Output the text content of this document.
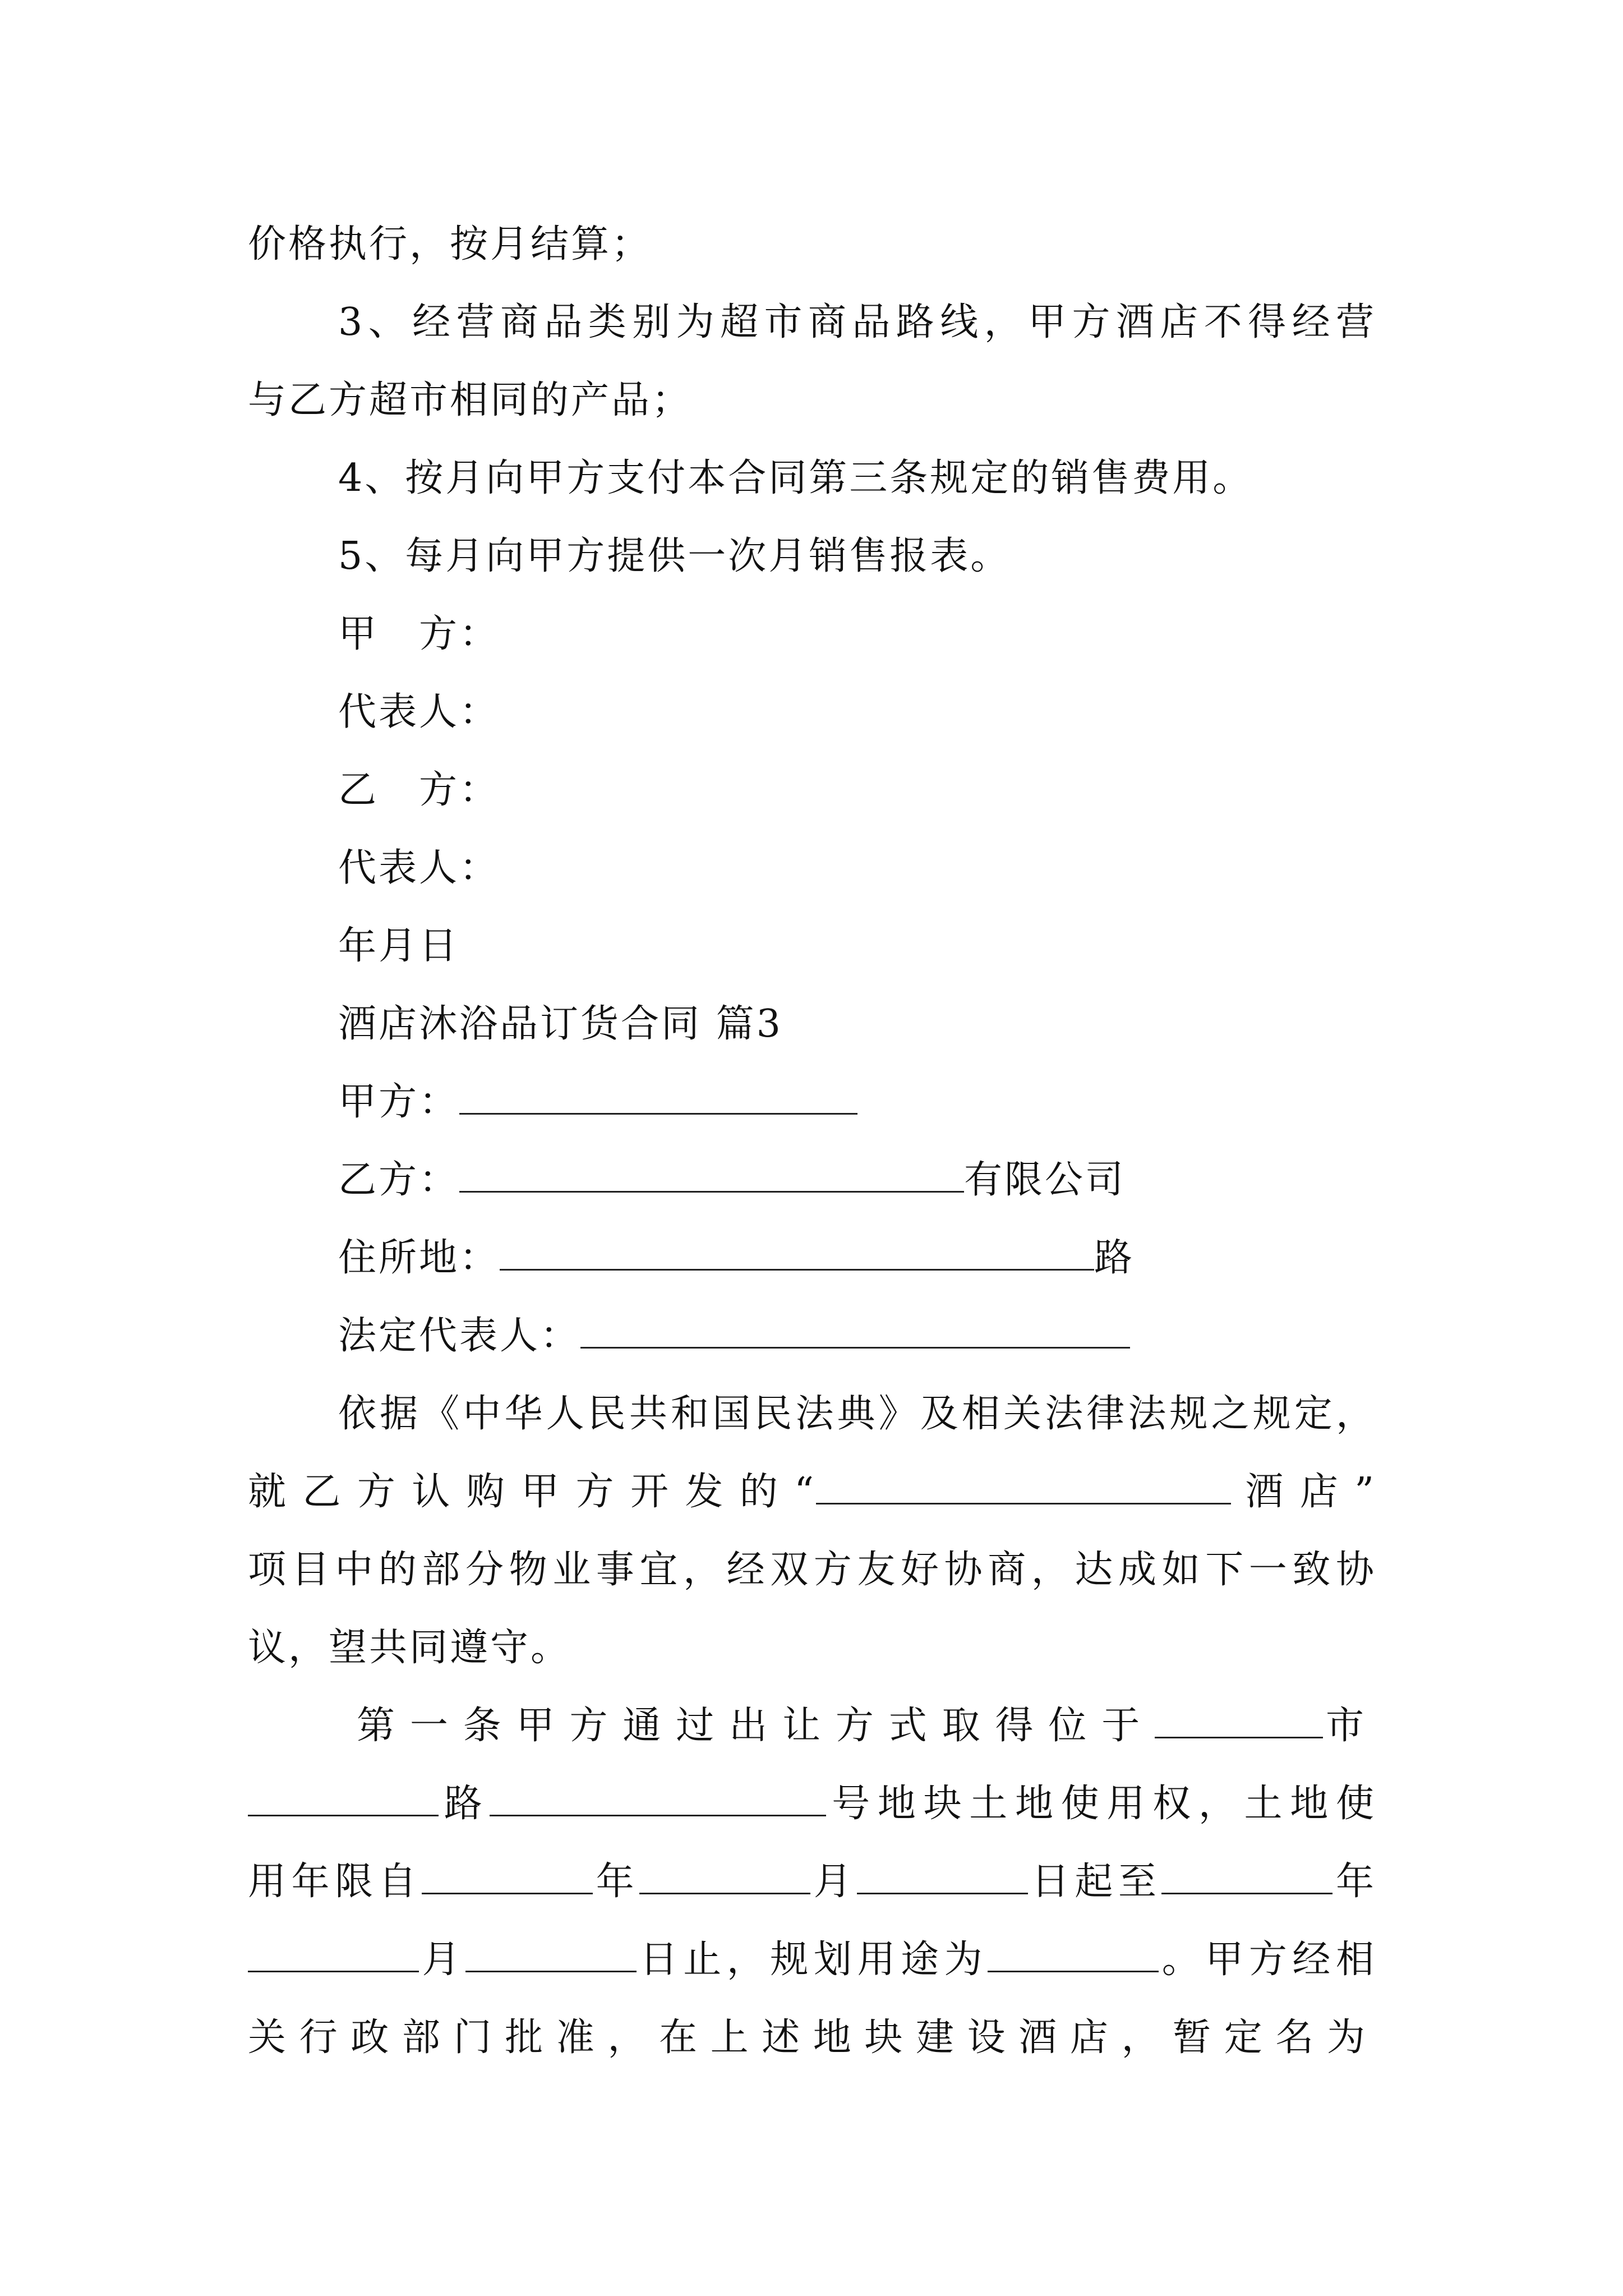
价格执行，按月结算；
3、经营商品类别为超市商品路线，甲方酒店不得经营
与乙方超市相同的产品；
4、按月向甲方支付本合同第三条规定的销售费用。
5、每月向甲方提供一次月销售报表。
甲　方：
代表人：
乙　方：
代表人：
年月日
酒店沐浴品订货合同 篇3
甲方：
乙方：	有限公司
住所地：	路
法定代表人：
依据《中华人民共和国民法典》及相关法律法规之规定，
就乙方认购甲方开发的“	酒店”
项目中的部分物业事宜，经双方友好协商，达成如下一致协
议，望共同遵守。
第一条甲方通过出让方式取得位于	市
路	号地块土地使用权，土地使
用年限自	年	月	日起至	年
月	日止，规划用途为	。甲方经相
关行政部门批准，在上述地块建设酒店，暂定名为
